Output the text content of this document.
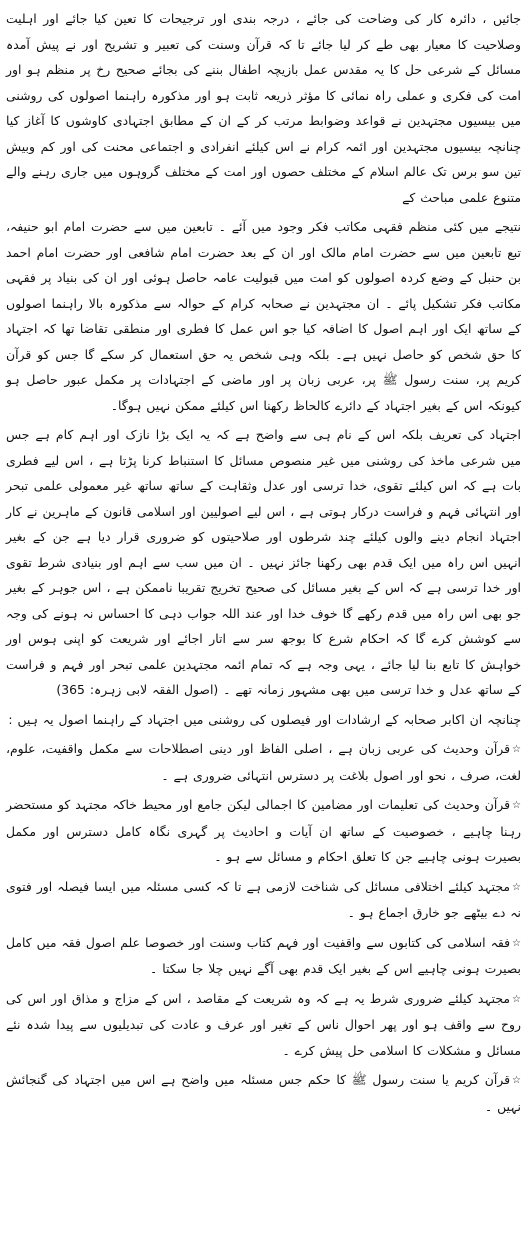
جائیں ، دائرہ کار کی وضاحت کی جائے ، درجہ بندی اور ترجیحات کا تعین کیا جائے اور اہلیت وصلاحیت کا معیار بھی طے کر لیا جائے تا کہ قرآن وسنت کی تعبیر و تشریح اور نے پیش آمدہ مسائل کے شرعی حل کا یہ مقدس عمل بازیچہ اطفال بننے کی بجائے صحیح رخ پر منظم ہو اور امت کی فکری و عملی راہ نمائی کا مؤثر ذریعہ ثابت ہو اور مذکورہ راہنما اصولوں کی روشنی میں بیسیوں مجتہدین نے قواعد وضوابط مرتب کر کے ان کے مطابق اجتہادی کاوشوں کا آغاز کیا چنانچہ بیسیوں مجتہدین اور ائمہ کرام نے اس کیلئے انفرادی و اجتماعی محنت کی اور کم وبیش تین سو برس تک عالم اسلام کے مختلف حصوں اور امت کے مختلف گروہوں میں جاری رہنے والے متنوع علمی مباحث کے

نتیجے میں کئی منظم فقہی مکاتب فکر وجود میں آئے ۔ تابعین میں سے حضرت امام ابو حنیفہ، تبع تابعین میں سے حضرت امام مالک اور ان کے بعد حضرت امام شافعی اور حضرت امام احمد بن حنبل کے وضع کردہ اصولوں کو امت میں قبولیت عامہ حاصل ہوئی اور ان کی بنیاد پر فقہی مکاتب فکر تشکیل پائے ۔ ان مجتہدین نے صحابہ کرام کے حوالہ سے مذکورہ بالا راہنما اصولوں کے ساتھ ایک اور اہم اصول کا اضافہ کیا جو اس عمل کا فطری اور منطقی تقاضا تھا کہ اجتہاد کا حق شخص کو حاصل نہیں ہے۔ بلکہ وہی شخص یہ حق استعمال کر سکے گا جس کو قرآن کریم پر، سنت رسول ﷺ پر، عربی زبان پر اور ماضی کے اجتہادات پر مکمل عبور حاصل ہو کیونکہ اس کے بغیر اجتہاد کے دائرے کالحاظ رکھنا اس کیلئے ممکن نہیں ہوگا۔

اجتہاد کی تعریف بلکہ اس کے نام ہی سے واضح ہے کہ یہ ایک بڑا نازک اور اہم کام ہے جس میں شرعی ماخذ کی روشنی میں غیر منصوص مسائل کا استنباط کرنا پڑتا ہے ، اس لیے فطری بات ہے کہ اس کیلئے تقوی، خدا ترسی اور عدل وثقاہت کے ساتھ ساتھ غیر معمولی علمی تبحر اور انتہائی فہم و فراست درکار ہوتی ہے ، اس لیے اصولیین اور اسلامی قانون کے ماہرین نے کار اجتہاد انجام دینے والوں کیلئے چند شرطوں اور صلاحیتوں کو ضروری قرار دیا ہے جن کے بغیر انہیں اس راہ میں ایک قدم بھی رکھنا جائز نہیں ۔ ان میں سب سے اہم اور بنیادی شرط تقوی اور خدا ترسی ہے کہ اس کے بغیر مسائل کی صحیح تخریج تقریبا ناممکن ہے ، اس جوہر کے بغیر جو بھی اس راہ میں قدم رکھے گا خوف خدا اور عند اللہ جواب دہی کا احساس نہ ہونے کی وجہ سے کوشش کرے گا کہ احکام شرع کا بوجھ سر سے اتار اجائے اور شریعت کو اپنی ہوس اور خواہش کا تابع بنا لیا جائے ، یہی وجہ ہے کہ تمام ائمہ مجتہدین علمی تبحر اور فہم و فراست کے ساتھ عدل و خدا ترسی میں بھی مشہور زمانہ تھے ۔ (اصول الفقہ لابی زہرہ: 365)

چنانچہ ان اکابر صحابہ کے ارشادات اور فیصلوں کی روشنی میں اجتہاد کے راہنما اصول یہ ہیں :

☆قرآن وحدیث کی عربی زبان ہے ، اصلی الفاظ اور دینی اصطلاحات سے مکمل واقفیت، علوم، لغت، صرف ، نحو اور اصول بلاغت پر دسترس انتہائی ضروری ہے ۔

☆قرآن وحدیث کی تعلیمات اور مضامین کا اجمالی لیکن جامع اور محیط خاکہ مجتہد کو مستحضر رہنا چاہیے ، خصوصیت کے ساتھ ان آیات و احادیث پر گہری نگاہ کامل دسترس اور مکمل بصیرت ہونی چاہیے جن کا تعلق احکام و مسائل سے ہو ۔

☆مجتہد کیلئے اختلافی مسائل کی شناخت لازمی ہے تا کہ کسی مسئلہ میں ایسا فیصلہ اور فتوی نہ دے بیٹھے جو خارق اجماع ہو ۔

☆فقہ اسلامی کی کتابوں سے واقفیت اور فہم کتاب وسنت اور خصوصا علم اصول فقہ میں کامل بصیرت ہونی چاہیے اس کے بغیر ایک قدم بھی آگے نہیں چلا جا سکتا ۔

☆مجتہد کیلئے ضروری شرط یہ ہے کہ وہ شریعت کے مقاصد ، اس کے مزاج و مذاق اور اس کی روح سے واقف ہو اور پھر احوال ناس کے تغیر اور عرف و عادت کی تبدیلیوں سے پیدا شدہ نئے مسائل و مشکلات کا اسلامی حل پیش کرے ۔

☆قرآن کریم یا سنت رسول ﷺ کا حکم جس مسئلہ میں واضح ہے اس میں اجتہاد کی گنجائش نہیں ۔
